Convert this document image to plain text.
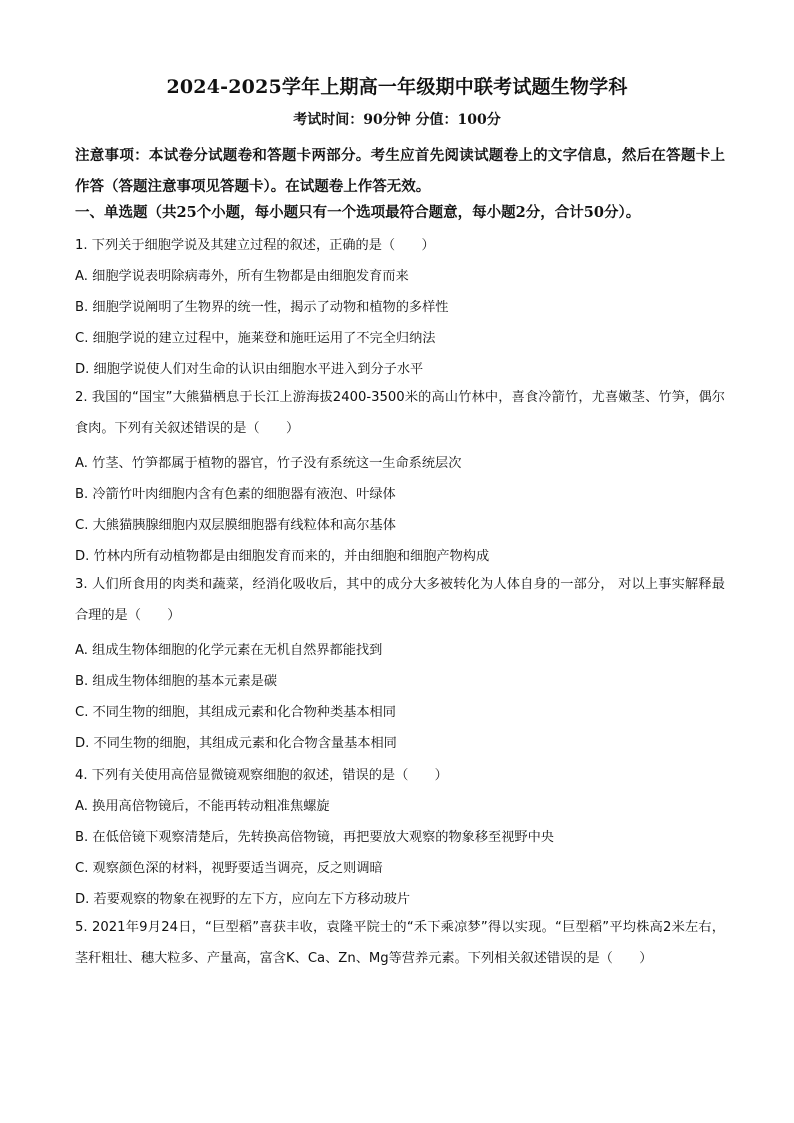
2024-2025学年上期高一年级期中联考试题生物学科
考试时间：90分钟 分值：100分
注意事项：本试卷分试题卷和答题卡两部分。考生应首先阅读试题卷上的文字信息，然后在答题卡上作答（答题注意事项见答题卡）。在试题卷上作答无效。
一、单选题（共25个小题，每小题只有一个选项最符合题意，每小题2分，合计50分）。
1. 下列关于细胞学说及其建立过程的叙述，正确的是（　　）
A. 细胞学说表明除病毒外，所有生物都是由细胞发育而来
B. 细胞学说阐明了生物界的统一性，揭示了动物和植物的多样性
C. 细胞学说的建立过程中，施莱登和施旺运用了不完全归纳法
D. 细胞学说使人们对生命的认识由细胞水平进入到分子水平
2. 我国的“国宝”大熊猫栖息于长江上游海拔2400-3500米的高山竹林中，喜食冷箭竹，尤喜嫩茎、竹笋，偶尔食肉。下列有关叙述错误的是（　　）
A. 竹茎、竹笋都属于植物的器官，竹子没有系统这一生命系统层次
B. 冷箭竹叶肉细胞内含有色素的细胞器有液泡、叶绿体
C. 大熊猫胰腺细胞内双层膜细胞器有线粒体和高尔基体
D. 竹林内所有动植物都是由细胞发育而来的，并由细胞和细胞产物构成
3. 人们所食用的肉类和蔬菜，经消化吸收后，其中的成分大多被转化为人体自身的一部分， 对以上事实解释最合理的是（　　）
A. 组成生物体细胞的化学元素在无机自然界都能找到
B. 组成生物体细胞的基本元素是碳
C. 不同生物的细胞，其组成元素和化合物种类基本相同
D. 不同生物的细胞，其组成元素和化合物含量基本相同
4. 下列有关使用高倍显微镜观察细胞的叙述，错误的是（　　）
A. 换用高倍物镜后，不能再转动粗准焦螺旋
B. 在低倍镜下观察清楚后，先转换高倍物镜，再把要放大观察的物象移至视野中央
C. 观察颜色深的材料，视野要适当调亮，反之则调暗
D. 若要观察的物象在视野的左下方，应向左下方移动玻片
5. 2021年9月24日，“巨型稻”喜获丰收，袁隆平院士的“禾下乘凉梦”得以实现。“巨型稻”平均株高2米左右，茎秆粗壮、穗大粒多、产量高，富含K、Ca、Zn、Mg等营养元素。下列相关叙述错误的是（　　）
